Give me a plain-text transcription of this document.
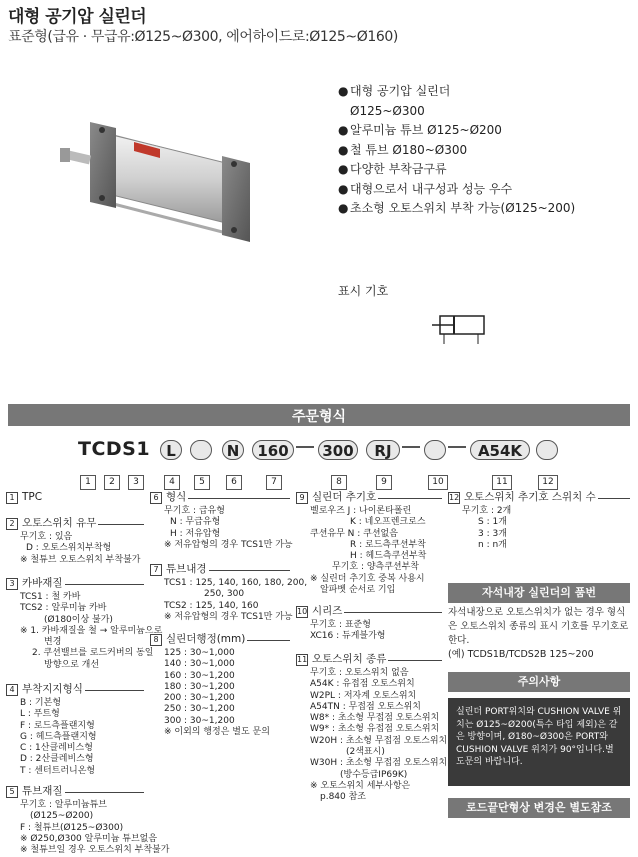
대형 공기압 실린더
표준형(급유 · 무급유:Ø125~Ø300, 에어하이드로:Ø125~Ø160)
● 대형 공기압 실린더
Ø125~Ø300
● 알루미늄 튜브 Ø125~Ø200
● 철 튜브 Ø180~Ø300
● 다양한 부착금구류
● 대형으로서 내구성과 성능 우수
● 초소형 오토스위치 부착 가능(Ø125~200)
표시 기호
주문형식
TCDS1	L	N	160	300	RJ	A54K
1	2	3	4	5	6	7	8	9	10	11	12
1 TPC
2 오토스위치 유무
무기호 : 있음
D : 오토스위치부착형
※ 철튜브 오토스위치 부착불가
3 카바재질
TCS1 : 철 카바
TCS2 : 알루미늄 카바
(Ø180이상 불가)
※ 1. 카바재질을 철 → 알루미늄으로
변경
2. 쿠션밸브를 로드커버의 동일
방향으로 개선
4 부착지지형식
B : 기본형
L : 푸트형
F : 로드측플랜지형
G : 헤드측플랜지형
C : 1산클레비스형
D : 2산클레비스형
T : 센터트러니온형
5 튜브재질
무기호 : 알루미늄튜브
(Ø125~Ø200)
F : 철튜브(Ø125~Ø300)
※ Ø250,Ø300 알루미늄 튜브없음
※ 철튜브일 경우 오토스위치 부착불가
6 형식
무기호 : 급유형
N : 무급유형
H : 저유압형
※ 저유압형의 경우 TCS1만 가능
7 튜브내경
TCS1 : 125, 140, 160, 180, 200,
250, 300
TCS2 : 125, 140, 160
※ 저유압형의 경우 TCS1만 가능
8 실린더행정(mm)
125 : 30~1,000
140 : 30~1,000
160 : 30~1,200
180 : 30~1,200
200 : 30~1,200
250 : 30~1,200
300 : 30~1,200
※ 이외의 행정은 별도 문의
9 실린더 추기호
벨로우즈 J : 나이론타폴린
K : 네오프렌크로스
쿠션유무 N : 쿠션없음
R : 로드측쿠션부착
H : 헤드측쿠션부착
무기호 : 양측쿠션부착
※ 실린더 추기호 중복 사용시
알파벳 순서로 기입
10 시리즈
무기호 : 표준형
XC16 : 듀게블가형
11 오토스위치 종류
무기호 : 오토스위치 없음
A54K : 유접점 오토스위치
W2PL : 저자계 오토스위치
A54TN : 무접점 오토스위치
W8* : 초소형 무접점 오토스위치
W9* : 초소형 유접점 오토스위치
W20H : 초소형 무접점 오토스위치
(2색표시)
W30H : 초소형 무접점 오토스위치
(방수등급IP69K)
※ 오토스위치 세부사항은
p.840 참조
12 오토스위치 추기호 스위치 수
무기호 : 2개
S : 1개
3 : 3개
n : n개
자석내장 실린더의 품번
자석내장으로 오토스위치가 없는 경우 형식은 오토스위치 종류의 표시 기호를 무기호로 한다.
(예) TCDS1B/TCDS2B 125~200
주의사항
실린더 PORT위치와 CUSHION VALVE 위치는 Ø125~Ø200(특수 타입 제외)은 같은 방향이며, Ø180~Ø300은 PORT와 CUSHION VALVE 위치가 90°입니다.별도문의 바랍니다.
로드끝단형상 변경은 별도참조
